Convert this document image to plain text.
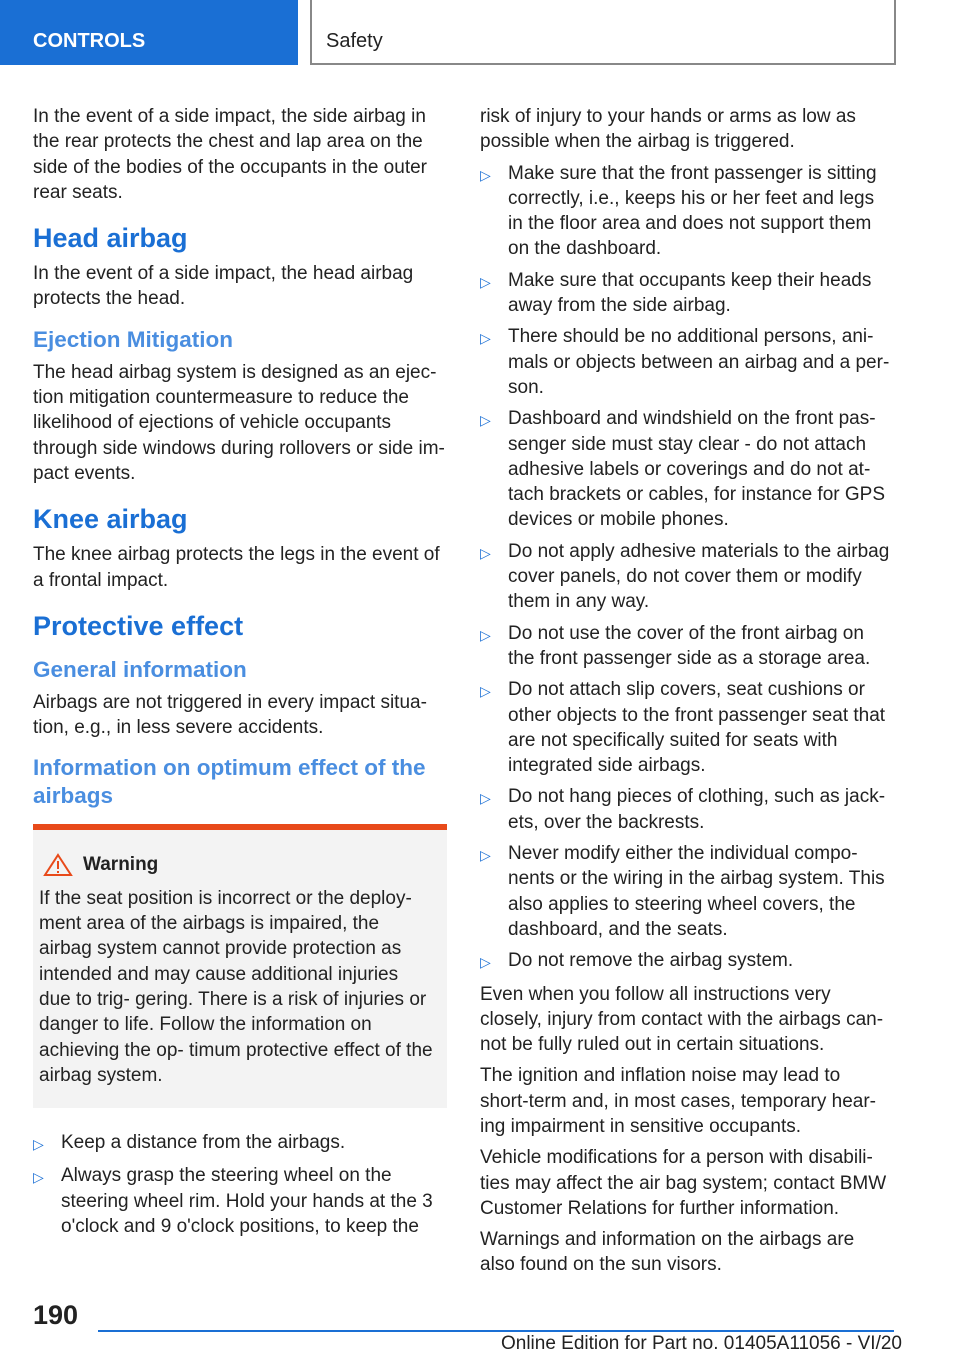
CONTROLS	Safety

In the event of a side impact, the side airbag in the rear protects the chest and lap area on the side of the bodies of the occupants in the outer rear seats.

Head airbag

In the event of a side impact, the head airbag protects the head.

Ejection Mitigation

The head airbag system is designed as an ejec‐ tion mitigation countermeasure to reduce the likelihood of ejections of vehicle occupants through side windows during rollovers or side im‐ pact events.

Knee airbag

The knee airbag protects the legs in the event of a frontal impact.

Protective effect
General information

Airbags are not triggered in every impact situa‐ tion, e.g., in less severe accidents.

Information on optimum effect of the airbags
Warning
If the seat position is incorrect or the deploy‐ ment area of the airbags is impaired, the airbag system cannot provide protection as intended and may cause additional injuries due to trig‐ gering. There is a risk of injuries or danger to life. Follow the information on achieving the op‐ timum protective effect of the airbag system.
▷ Keep a distance from the airbags.
▷ Always grasp the steering wheel on the steering wheel rim. Hold your hands at the 3 o'clock and 9 o'clock positions, to keep the

risk of injury to your hands or arms as low as possible when the airbag is triggered.

▷ Make sure that the front passenger is sitting correctly, i.e., keeps his or her feet and legs in the floor area and does not support them on the dashboard.
▷ Make sure that occupants keep their heads away from the side airbag.
▷ There should be no additional persons, ani‐ mals or objects between an airbag and a per‐ son.
▷ Dashboard and windshield on the front pas‐ senger side must stay clear - do not attach adhesive labels or coverings and do not at‐ tach brackets or cables, for instance for GPS devices or mobile phones.
▷ Do not apply adhesive materials to the airbag cover panels, do not cover them or modify them in any way.
▷ Do not use the cover of the front airbag on the front passenger side as a storage area.
▷ Do not attach slip covers, seat cushions or other objects to the front passenger seat that are not specifically suited for seats with integrated side airbags.
▷ Do not hang pieces of clothing, such as jack‐ ets, over the backrests.
▷ Never modify either the individual compo‐ nents or the wiring in the airbag system. This also applies to steering wheel covers, the dashboard, and the seats.
▷ Do not remove the airbag system.

Even when you follow all instructions very closely, injury from contact with the airbags can‐ not be fully ruled out in certain situations.

The ignition and inflation noise may lead to short-term and, in most cases, temporary hear‐ ing impairment in sensitive occupants.

Vehicle modifications for a person with disabili‐ ties may affect the air bag system; contact BMW Customer Relations for further information.

Warnings and information on the airbags are also found on the sun visors.

190
Online Edition for Part no. 01405A11056 - VI/20
